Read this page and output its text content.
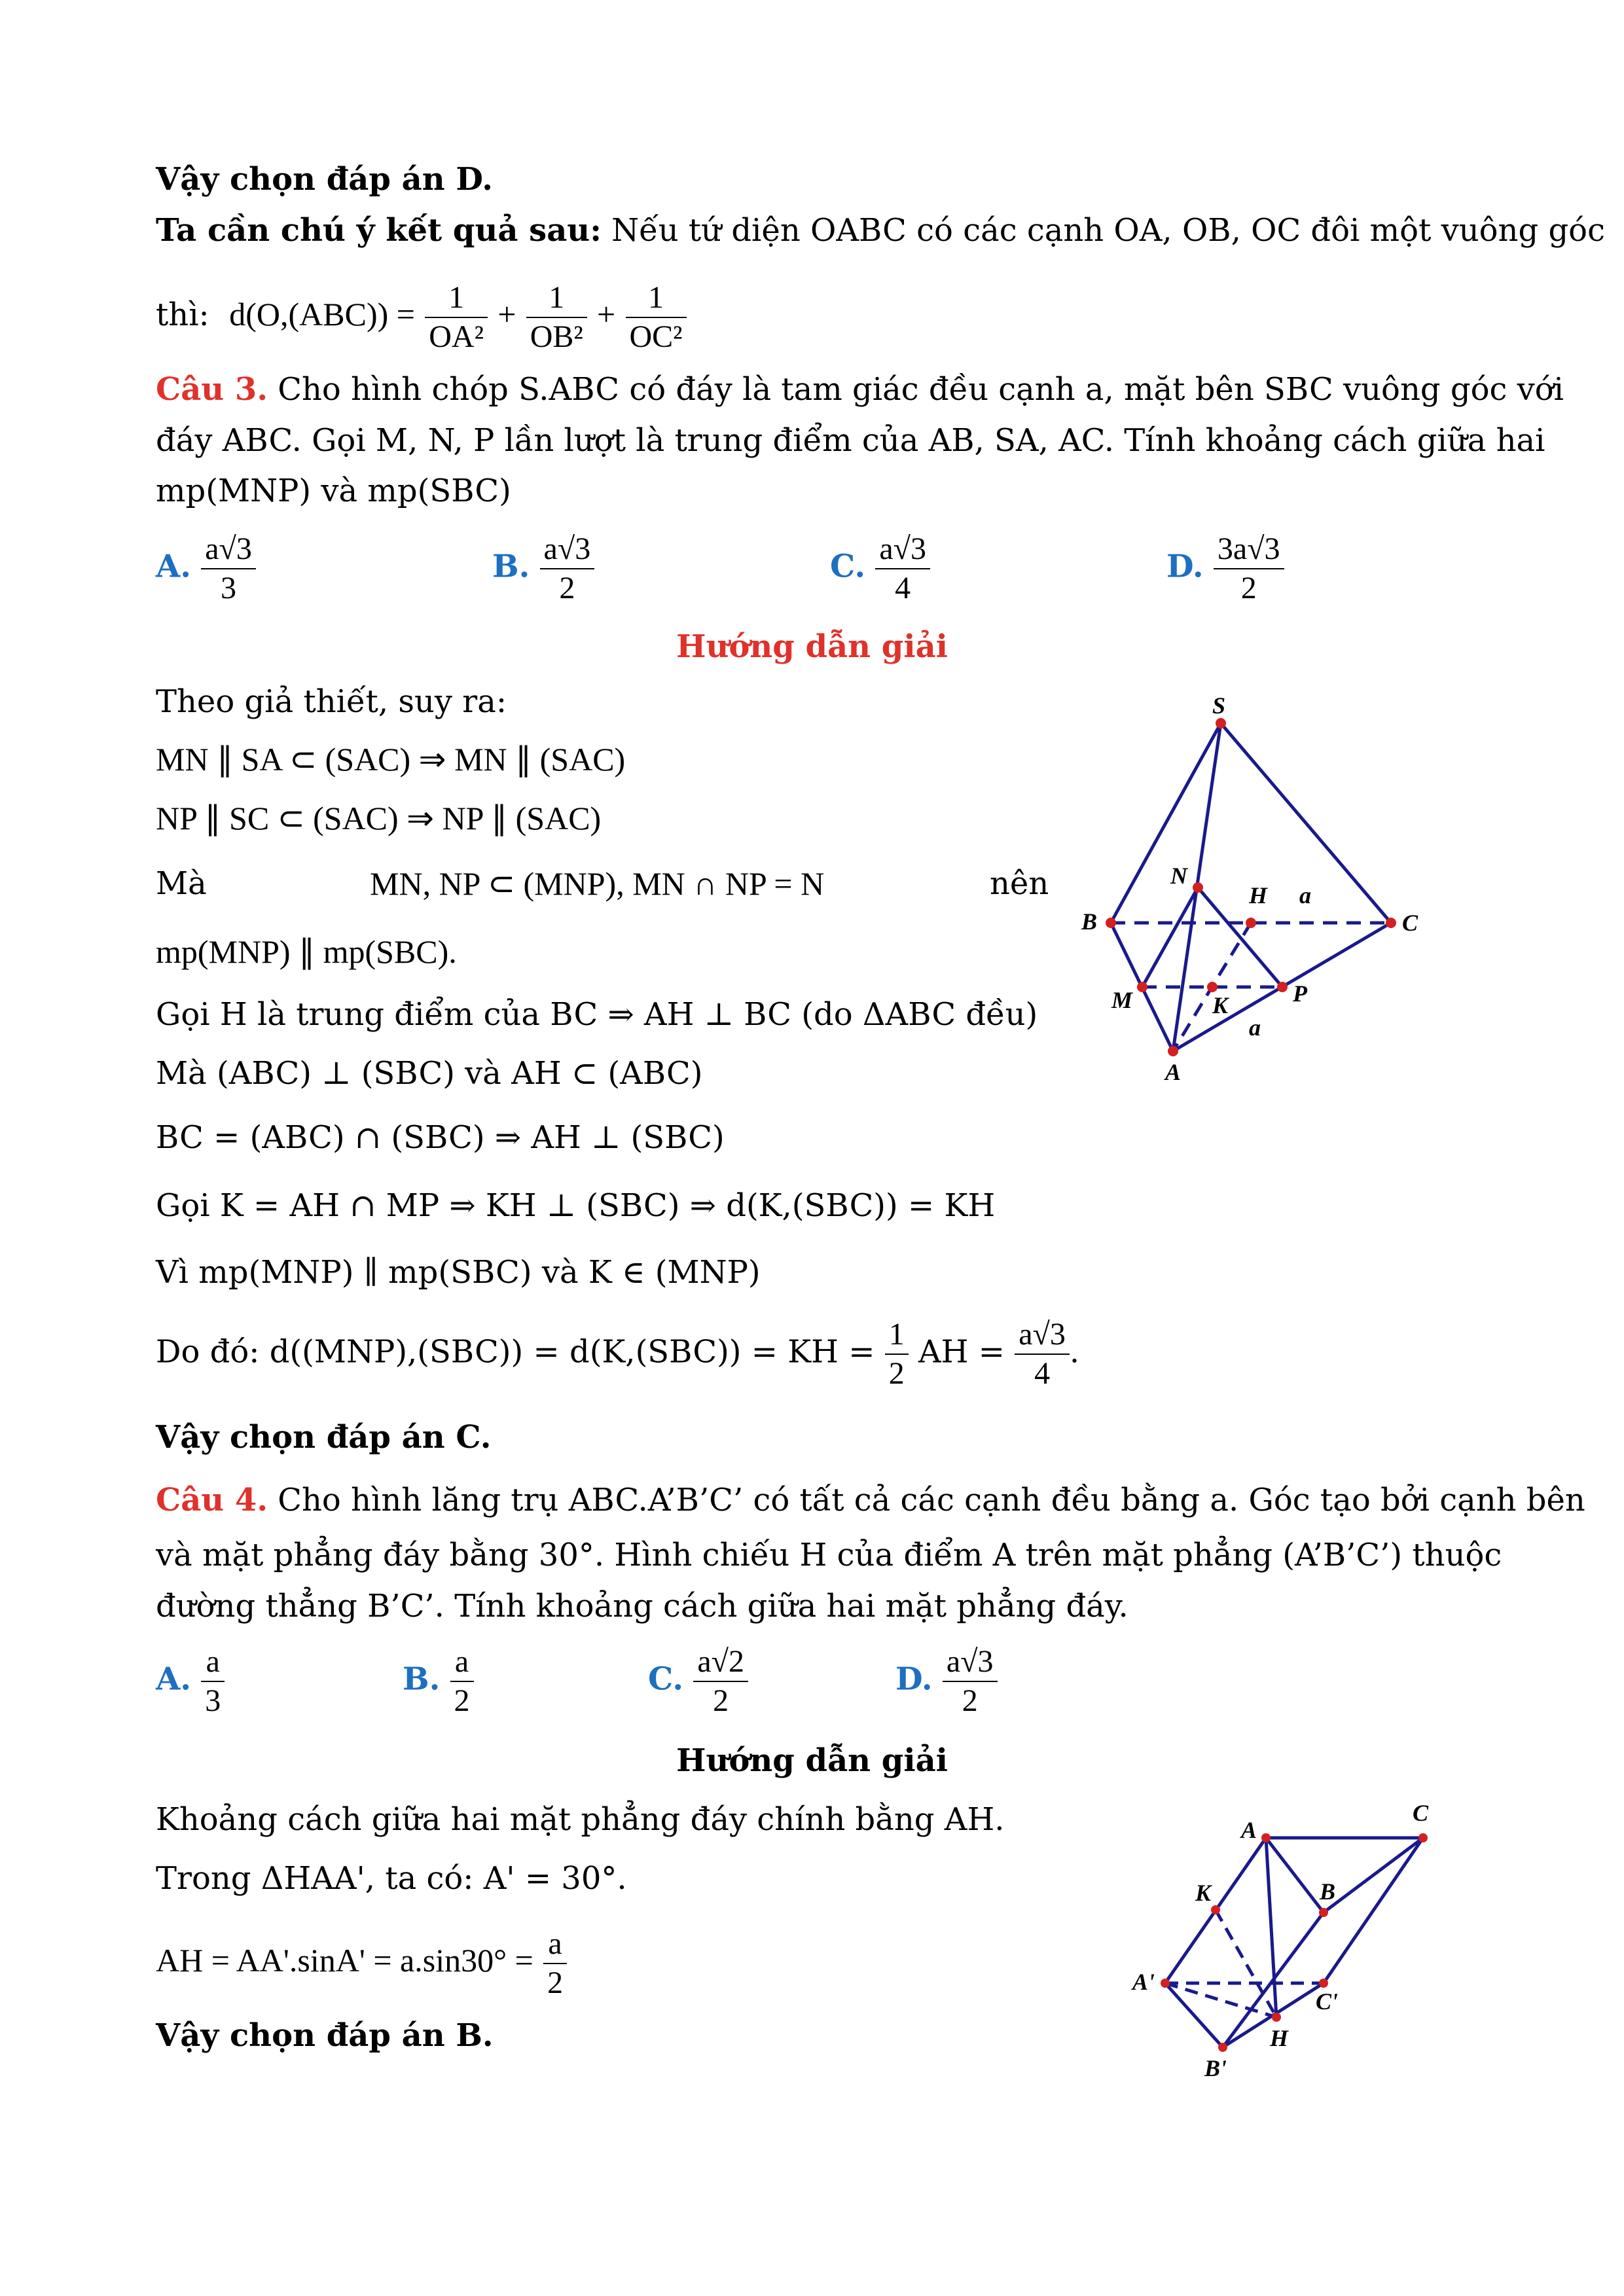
Vậy chọn đáp án D.
Ta cần chú ý kết quả sau: Nếu tứ diện OABC có các cạnh OA, OB, OC đôi một vuông góc
thì: $d(O,(ABC)) = \frac{1}{\text{OA²}} + \frac{1}{\text{OB²}} + \frac{1}{\text{OC²}}$
Câu 3. Cho hình chóp S.ABC có đáy là tam giác đều cạnh a, mặt bên SBC vuông góc với
đáy ABC. Gọi M, N, P lần lượt là trung điểm của AB, SA, AC. Tính khoảng cách giữa hai
mp(MNP) và mp(SBC)
A. $\frac{a√3}{3}$	B. $\frac{a√3}{2}$	C. $\frac{a√3}{4}$	D. $\frac{3a√3}{2}$
Hướng dẫn giải
Theo giả thiết, suy ra:
MN ∥ SA ⊂ (SAC) ⇒ MN ∥ (SAC)
NP ∥ SC ⊂ (SAC) ⇒ NP ∥ (SAC)
Mà	MN, NP ⊂ (MNP), MN ∩ NP = N	nên
mp(MNP) ∥ mp(SBC).
Gọi H là trung điểm của BC ⇒ AH ⊥ BC (do ΔABC đều)
Mà (ABC) ⊥ (SBC) và AH ⊂ (ABC)
BC = (ABC) ∩ (SBC) ⇒ AH ⊥ (SBC)
Gọi K = AH ∩ MP ⇒ KH ⊥ (SBC) ⇒ d(K,(SBC)) = KH
Vì mp(MNP) ∥ mp(SBC) và K ∈ (MNP)
Do đó: d((MNP),(SBC)) = d(K,(SBC)) = KH = $\frac{1}{2}$ AH = $\frac{a√3}{4}$ .
Vậy chọn đáp án C.
S
N
H a
B	C
M	K	P
a
A
Câu 4. Cho hình lăng trụ ABC.A’B’C’ có tất cả các cạnh đều bằng a. Góc tạo bởi cạnh bên
và mặt phẳng đáy bằng 30°. Hình chiếu H của điểm A trên mặt phẳng (A’B’C’) thuộc
đường thẳng B’C’. Tính khoảng cách giữa hai mặt phẳng đáy.
A. $\frac{a}{3}$	B. $\frac{a}{2}$	C. $\frac{a√2}{2}$	D. $\frac{a√3}{2}$
Hướng dẫn giải
Khoảng cách giữa hai mặt phẳng đáy chính bằng AH.
Trong ΔHAA', ta có: A' = 30°.
AH = $AA'.\sin A' = a.\sin 30^\circ = \frac{a}{2}$
Vậy chọn đáp án B.
A
C
B
K
A'
C'
H
B'
